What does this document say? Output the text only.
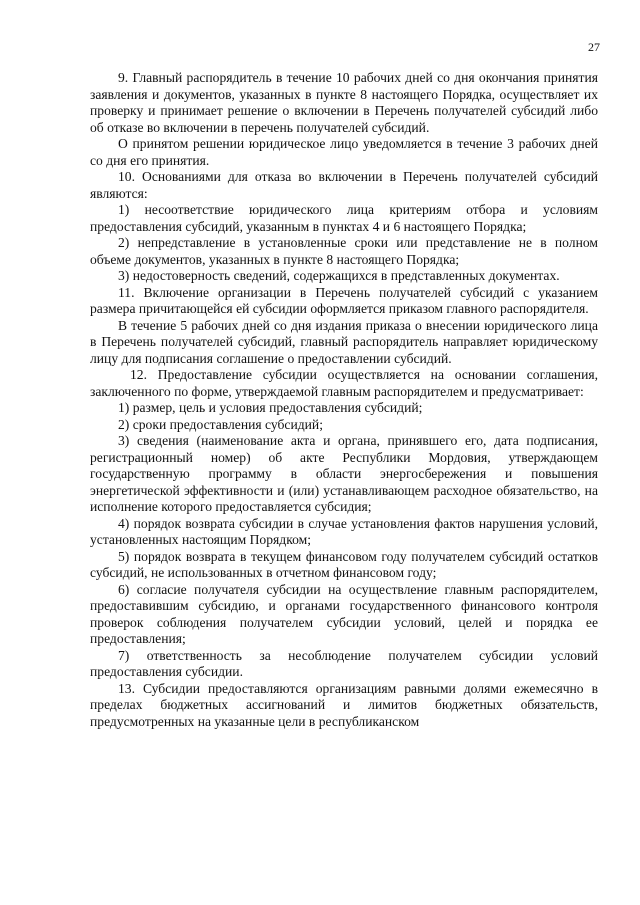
27

9. Главный распорядитель в течение 10 рабочих дней со дня окончания принятия заявления и документов, указанных в пункте 8 настоящего Порядка, осуществляет их проверку и принимает решение о включении в Перечень получателей субсидий либо об отказе во включении в перечень получателей субсидий.

О принятом решении юридическое лицо уведомляется в течение 3 рабочих дней со дня его принятия.

10. Основаниями для отказа во включении в Перечень получателей субсидий являются:

1) несоответствие юридического лица критериям отбора и условиям предоставления субсидий, указанным в пунктах 4 и 6 настоящего Порядка;

2) непредставление в установленные сроки или представление не в полном объеме документов, указанных в пункте 8 настоящего Порядка;

3) недостоверность сведений, содержащихся в представленных документах.

11. Включение организации в Перечень получателей субсидий с указанием размера причитающейся ей субсидии оформляется приказом главного распорядителя.

В течение 5 рабочих дней со дня издания приказа о внесении юридического лица в Перечень получателей субсидий, главный распорядитель направляет юридическому лицу для подписания соглашение о предоставлении субсидий.

12. Предоставление субсидии осуществляется на основании соглашения, заключенного по форме, утверждаемой главным распорядителем и предусматривает:

1) размер, цель и условия предоставления субсидий;

2) сроки предоставления субсидий;

3) сведения (наименование акта и органа, принявшего его, дата подписания, регистрационный номер) об акте Республики Мордовия, утверждающем государственную программу в области энергосбережения и повышения энергетической эффективности и (или) устанавливающем расходное обязательство, на исполнение которого предоставляется субсидия;

4) порядок возврата субсидии в случае установления фактов нарушения условий, установленных настоящим Порядком;

5) порядок возврата в текущем финансовом году получателем субсидий остатков субсидий, не использованных в отчетном финансовом году;

6) согласие получателя субсидии на осуществление главным распорядителем, предоставившим субсидию, и органами государственного финансового контроля проверок соблюдения получателем субсидии условий, целей и порядка ее предоставления;

7) ответственность за несоблюдение получателем субсидии условий предоставления субсидии.

13. Субсидии предоставляются организациям равными долями ежемесячно в пределах бюджетных ассигнований и лимитов бюджетных обязательств, предусмотренных на указанные цели в республиканском
